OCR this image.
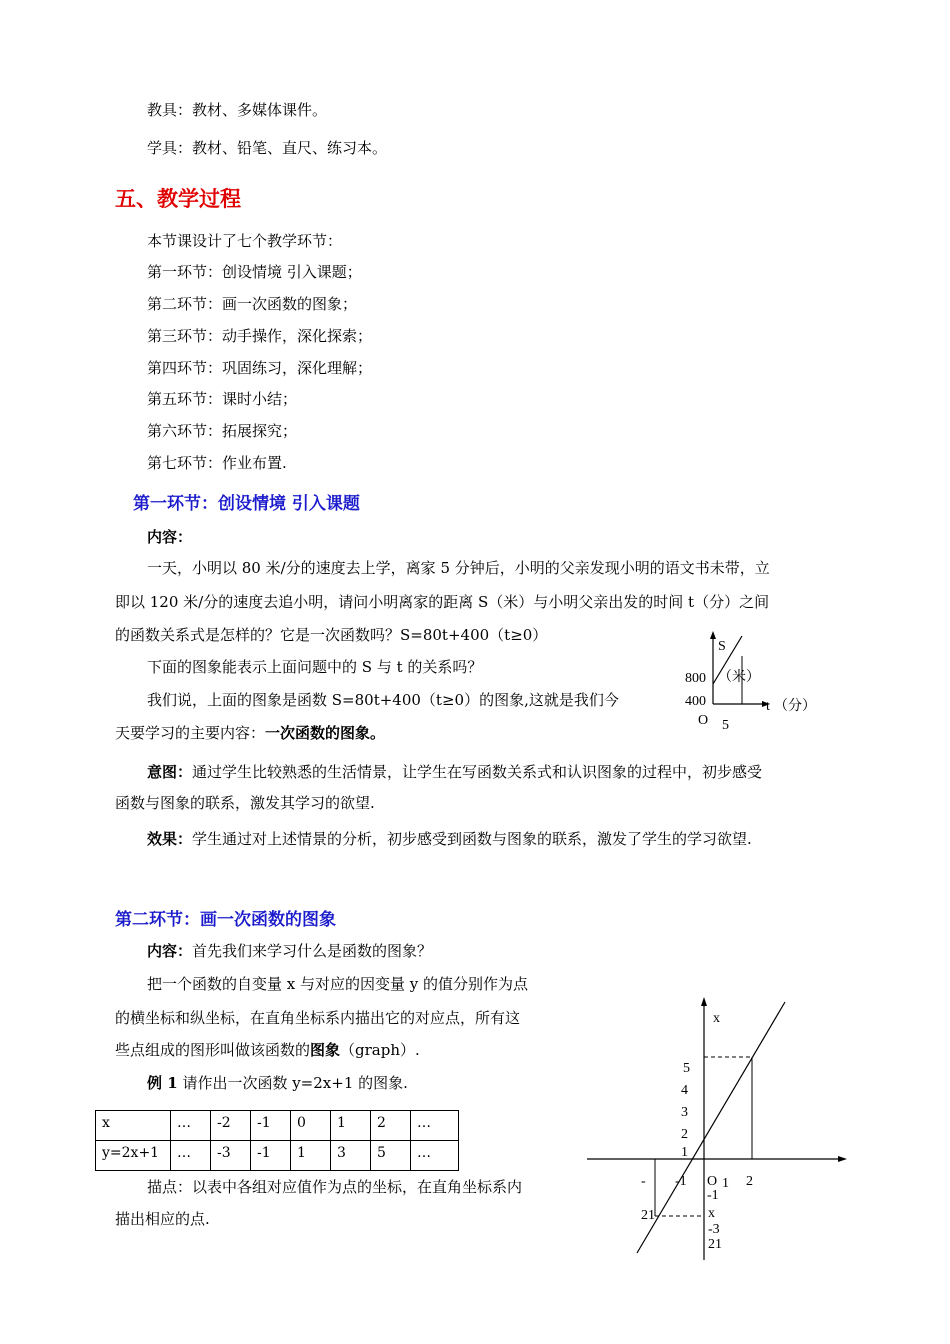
教具：教材、多媒体课件。
学具：教材、铅笔、直尺、练习本。
五、教学过程
本节课设计了七个教学环节：
第一环节：创设情境 引入课题；
第二环节：画一次函数的图象；
第三环节：动手操作，深化探索；
第四环节：巩固练习，深化理解；
第五环节：课时小结；
第六环节：拓展探究；
第七环节：作业布置.
第一环节：创设情境 引入课题
内容：
一天，小明以 80 米/分的速度去上学，离家 5 分钟后，小明的父亲发现小明的语文书未带，立
即以 120 米/分的速度去追小明，请问小明离家的距离 S（米）与小明父亲出发的时间 t（分）之间
的函数关系式是怎样的？它是一次函数吗？S=80t+400（t≥0）
下面的图象能表示上面问题中的 S 与 t 的关系吗？
我们说，上面的图象是函数 S=80t+400（t≥0）的图象,这就是我们今
天要学习的主要内容：一次函数的图象。
意图：通过学生比较熟悉的生活情景，让学生在写函数关系式和认识图象的过程中，初步感受
函数与图象的联系，激发其学习的欲望.
效果：学生通过对上述情景的分析，初步感受到函数与图象的联系，激发了学生的学习欲望.
S
（米）
800
400
O 5
t （分）
第二环节：画一次函数的图象
内容：首先我们来学习什么是函数的图象？
把一个函数的自变量 x 与对应的因变量 y 的值分别作为点
的横坐标和纵坐标，在直角坐标系内描出它的对应点，所有这
些点组成的图形叫做该函数的图象（graph）.
例 1 请作出一次函数 y=2x+1 的图象.
x	…	-2	-1	0	1	2	…
y=2x+1	…	-3	-1	1	3	5	…
描点：以表中各组对应值作为点的坐标，在直角坐标系内
描出相应的点.
x
5
4
3
2
1
2
1
O
- -1
-1
x
-3
21
21
